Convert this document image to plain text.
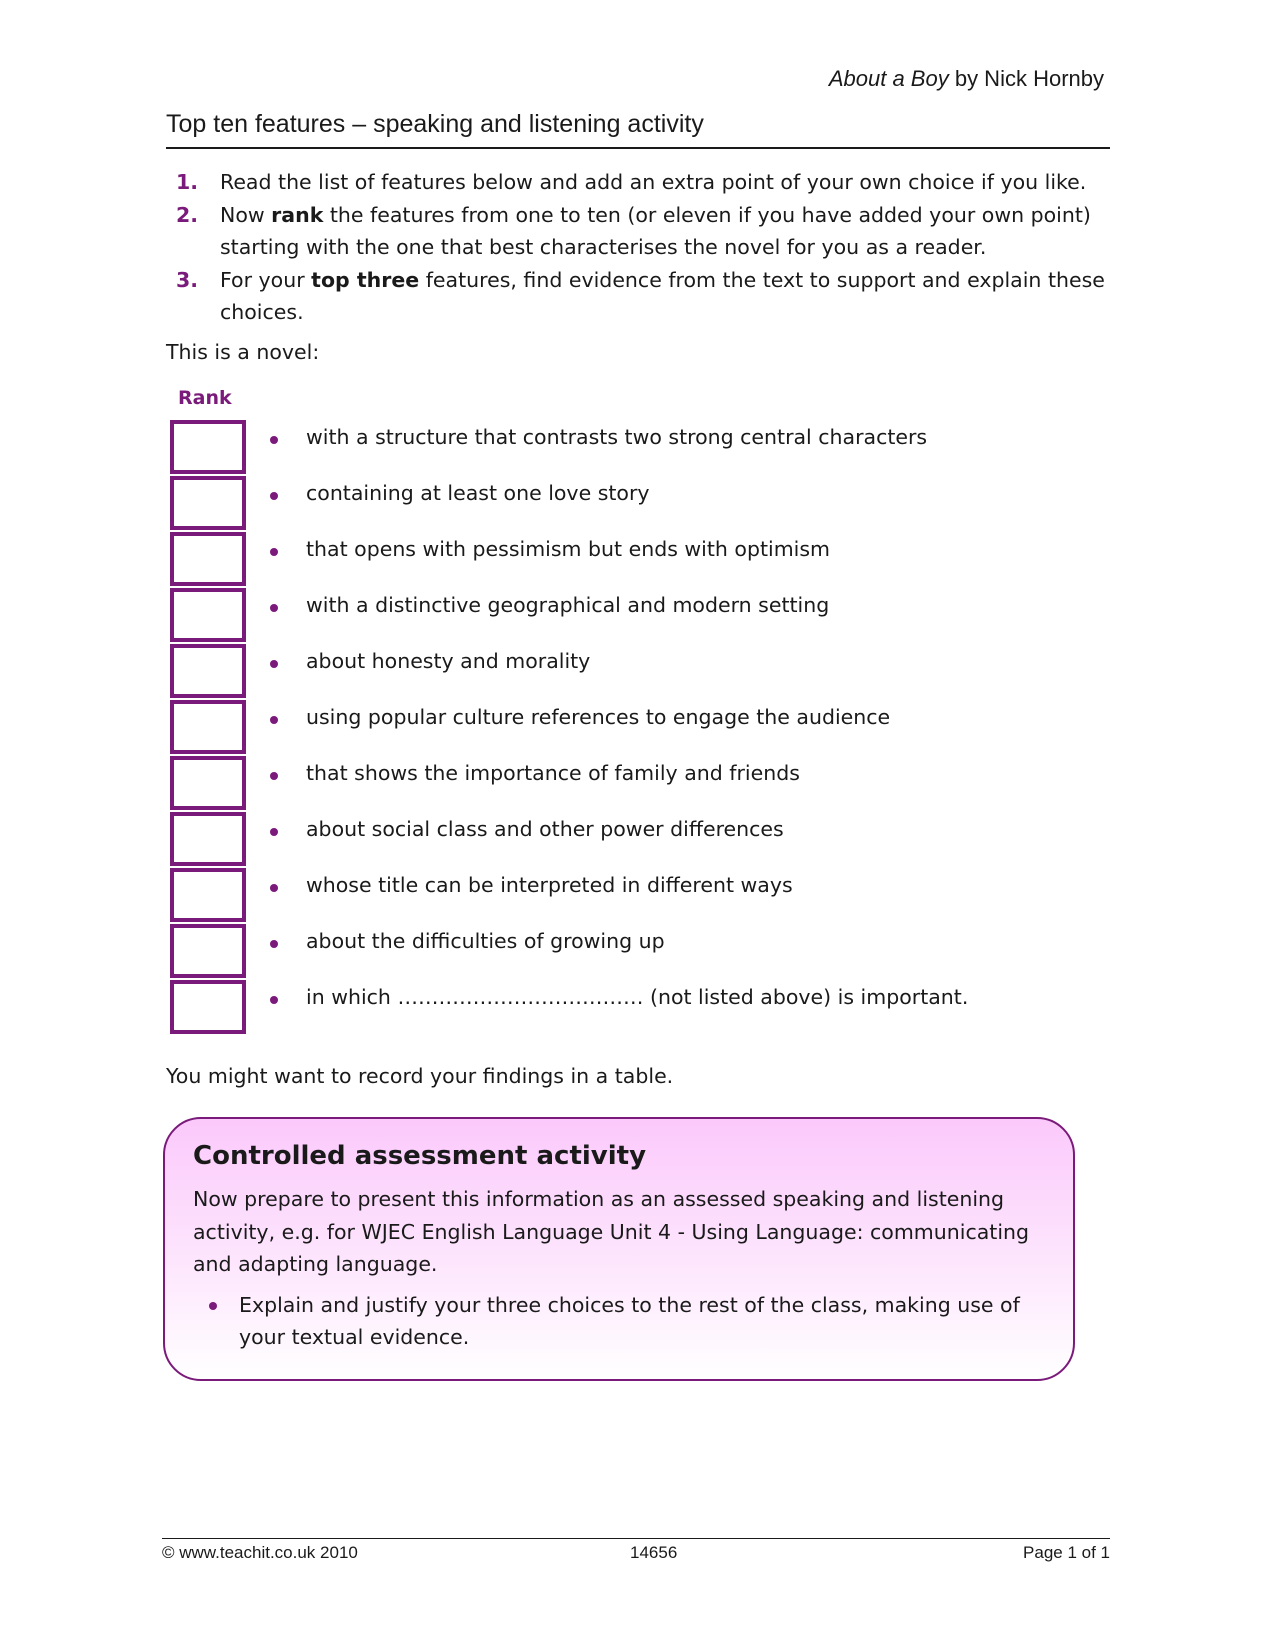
About a Boy by Nick Hornby
Top ten features – speaking and listening activity
1. Read the list of features below and add an extra point of your own choice if you like.
2. Now rank the features from one to ten (or eleven if you have added your own point) starting with the one that best characterises the novel for you as a reader.
3. For your top three features, find evidence from the text to support and explain these choices.
This is a novel:
Rank
with a structure that contrasts two strong central characters
containing at least one love story
that opens with pessimism but ends with optimism
with a distinctive geographical and modern setting
about honesty and morality
using popular culture references to engage the audience
that shows the importance of family and friends
about social class and other power differences
whose title can be interpreted in different ways
about the difficulties of growing up
in which ……………………………… (not listed above) is important.
You might want to record your findings in a table.
Controlled assessment activity

Now prepare to present this information as an assessed speaking and listening activity, e.g. for WJEC English Language Unit 4 - Using Language: communicating and adapting language.

Explain and justify your three choices to the rest of the class, making use of your textual evidence.
© www.teachit.co.uk 2010	14656	Page 1 of 1
